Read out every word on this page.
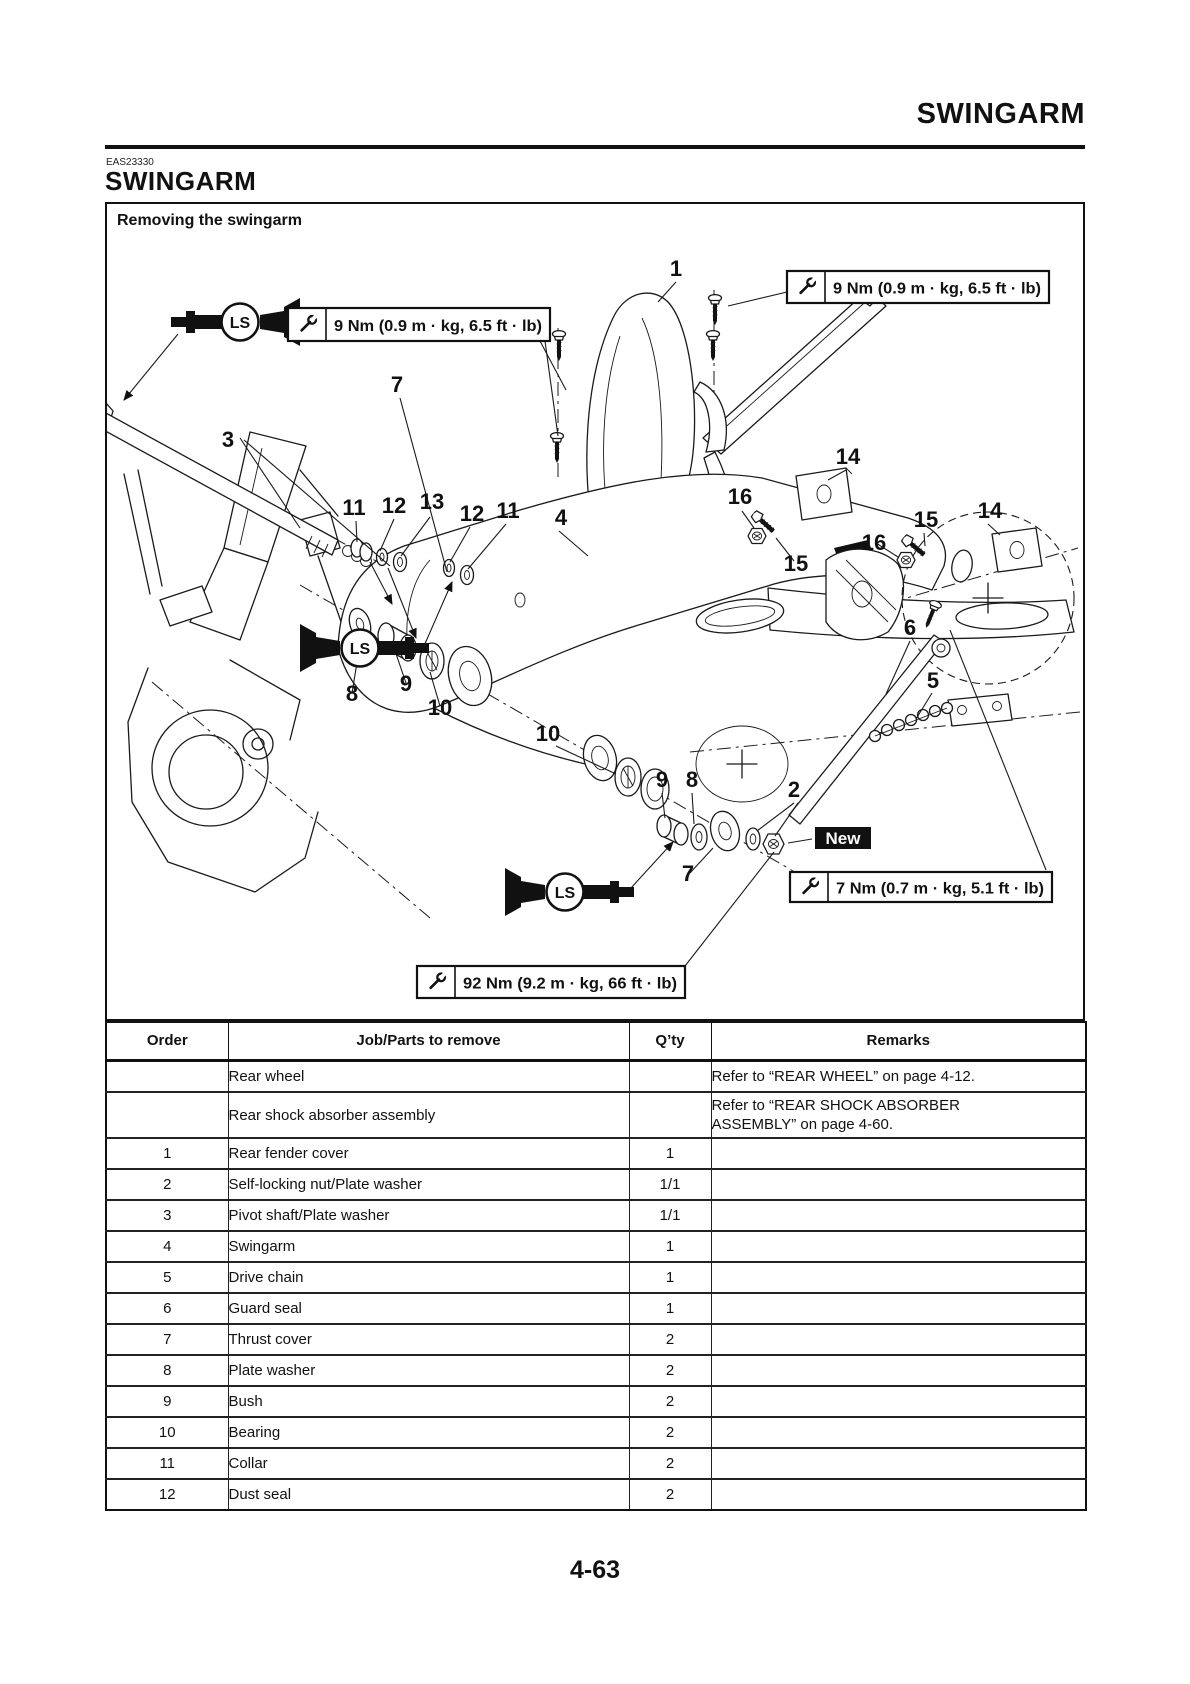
SWINGARM
EAS23330
SWINGARM
LS
LS
LS
9 Nm (0.9 m · kg, 6.5 ft · lb)
9 Nm (0.9 m · kg, 6.5 ft · lb)
7 Nm (0.7 m · kg, 5.1 ft · lb)
92 Nm (9.2 m · kg, 66 ft · lb)
New
1
3
7
11 12 13 12 11 4
16
15
14
16
15 14
6
5
8 9
10
10
9 8	2
7
Removing the swingarm
Order	Job/Parts to remove	Q’ty	Remarks
	Rear wheel		Refer to “REAR WHEEL” on page 4-12.
	Rear shock absorber assembly		Refer to “REAR SHOCK ABSORBER ASSEMBLY” on page 4-60.
1	Rear fender cover	1	
2	Self-locking nut/Plate washer	1/1	
3	Pivot shaft/Plate washer	1/1	
4	Swingarm	1	
5	Drive chain	1	
6	Guard seal	1	
7	Thrust cover	2	
8	Plate washer	2	
9	Bush	2	
10	Bearing	2	
11	Collar	2	
12	Dust seal	2	
4-63
